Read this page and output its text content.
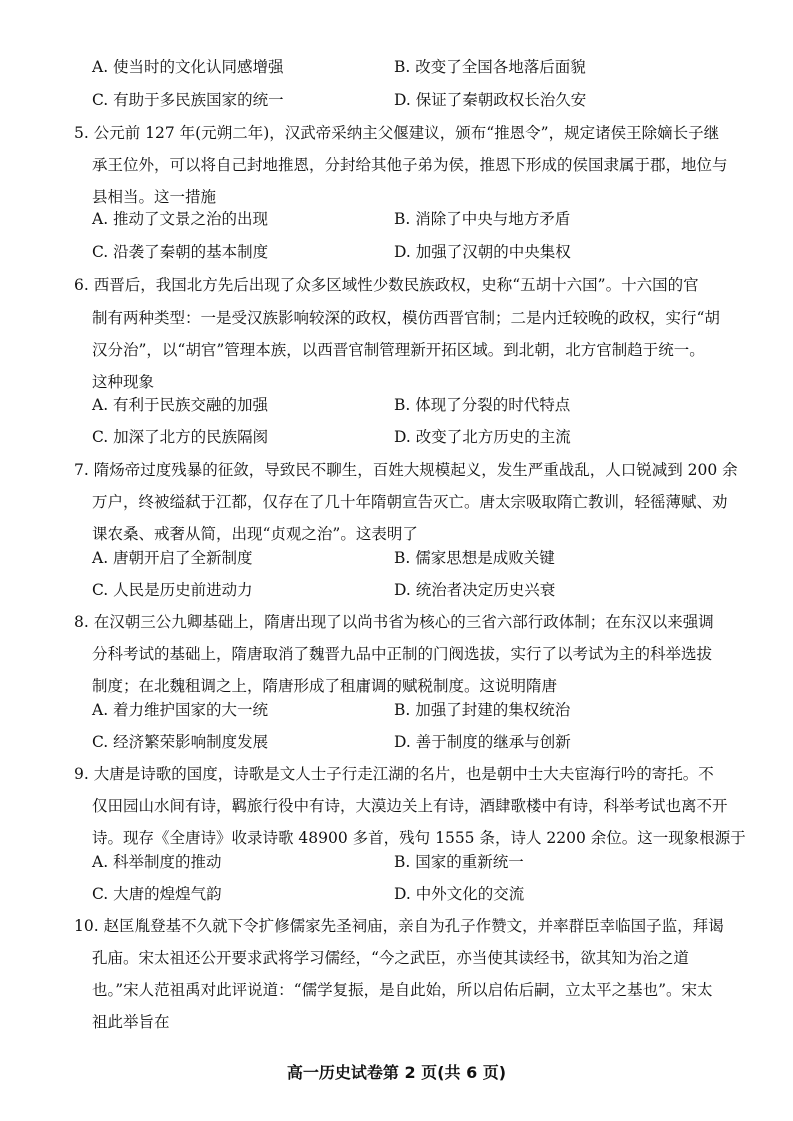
A. 使当时的文化认同感增强	B. 改变了全国各地落后面貌
C. 有助于多民族国家的统一	D. 保证了秦朝政权长治久安
5. 公元前 127 年(元朔二年)，汉武帝采纳主父偃建议，颁布“推恩令”，规定诸侯王除嫡长子继
承王位外，可以将自己封地推恩，分封给其他子弟为侯，推恩下形成的侯国隶属于郡，地位与
县相当。这一措施
A. 推动了文景之治的出现	B. 消除了中央与地方矛盾
C. 沿袭了秦朝的基本制度	D. 加强了汉朝的中央集权
6. 西晋后，我国北方先后出现了众多区域性少数民族政权，史称“五胡十六国”。十六国的官
制有两种类型：一是受汉族影响较深的政权，模仿西晋官制；二是内迁较晚的政权，实行“胡
汉分治”，以“胡官”管理本族，以西晋官制管理新开拓区域。到北朝，北方官制趋于统一。
这种现象
A. 有利于民族交融的加强	B. 体现了分裂的时代特点
C. 加深了北方的民族隔阂	D. 改变了北方历史的主流
7. 隋炀帝过度残暴的征敛，导致民不聊生，百姓大规模起义，发生严重战乱，人口锐减到 200 余
万户，终被缢弑于江都，仅存在了几十年隋朝宣告灭亡。唐太宗吸取隋亡教训，轻徭薄赋、劝
课农桑、戒奢从简，出现“贞观之治”。这表明了
A. 唐朝开启了全新制度	B. 儒家思想是成败关键
C. 人民是历史前进动力	D. 统治者决定历史兴衰
8. 在汉朝三公九卿基础上，隋唐出现了以尚书省为核心的三省六部行政体制；在东汉以来强调
分科考试的基础上，隋唐取消了魏晋九品中正制的门阀选拔，实行了以考试为主的科举选拔
制度；在北魏租调之上，隋唐形成了租庸调的赋税制度。这说明隋唐
A. 着力维护国家的大一统	B. 加强了封建的集权统治
C. 经济繁荣影响制度发展	D. 善于制度的继承与创新
9. 大唐是诗歌的国度，诗歌是文人士子行走江湖的名片，也是朝中士大夫宦海行吟的寄托。不
仅田园山水间有诗，羁旅行役中有诗，大漠边关上有诗，酒肆歌楼中有诗，科举考试也离不开
诗。现存《全唐诗》收录诗歌 48900 多首，残句 1555 条，诗人 2200 余位。这一现象根源于
A. 科举制度的推动	B. 国家的重新统一
C. 大唐的煌煌气韵	D. 中外文化的交流
10. 赵匡胤登基不久就下令扩修儒家先圣祠庙，亲自为孔子作赞文，并率群臣幸临国子监，拜谒
孔庙。宋太祖还公开要求武将学习儒经，“今之武臣，亦当使其读经书，欲其知为治之道
也。”宋人范祖禹对此评说道：“儒学复振，是自此始，所以启佑后嗣，立太平之基也”。宋太
祖此举旨在
高一历史试卷第 2 页(共 6 页)
